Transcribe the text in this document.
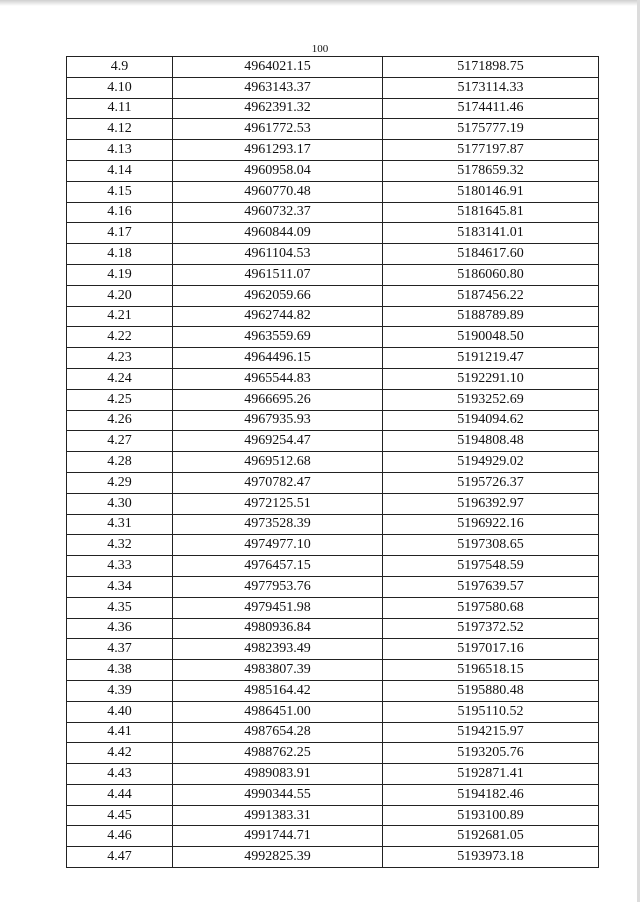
100
4.9	4964021.15	5171898.75
4.10	4963143.37	5173114.33
4.11	4962391.32	5174411.46
4.12	4961772.53	5175777.19
4.13	4961293.17	5177197.87
4.14	4960958.04	5178659.32
4.15	4960770.48	5180146.91
4.16	4960732.37	5181645.81
4.17	4960844.09	5183141.01
4.18	4961104.53	5184617.60
4.19	4961511.07	5186060.80
4.20	4962059.66	5187456.22
4.21	4962744.82	5188789.89
4.22	4963559.69	5190048.50
4.23	4964496.15	5191219.47
4.24	4965544.83	5192291.10
4.25	4966695.26	5193252.69
4.26	4967935.93	5194094.62
4.27	4969254.47	5194808.48
4.28	4969512.68	5194929.02
4.29	4970782.47	5195726.37
4.30	4972125.51	5196392.97
4.31	4973528.39	5196922.16
4.32	4974977.10	5197308.65
4.33	4976457.15	5197548.59
4.34	4977953.76	5197639.57
4.35	4979451.98	5197580.68
4.36	4980936.84	5197372.52
4.37	4982393.49	5197017.16
4.38	4983807.39	5196518.15
4.39	4985164.42	5195880.48
4.40	4986451.00	5195110.52
4.41	4987654.28	5194215.97
4.42	4988762.25	5193205.76
4.43	4989083.91	5192871.41
4.44	4990344.55	5194182.46
4.45	4991383.31	5193100.89
4.46	4991744.71	5192681.05
4.47	4992825.39	5193973.18
